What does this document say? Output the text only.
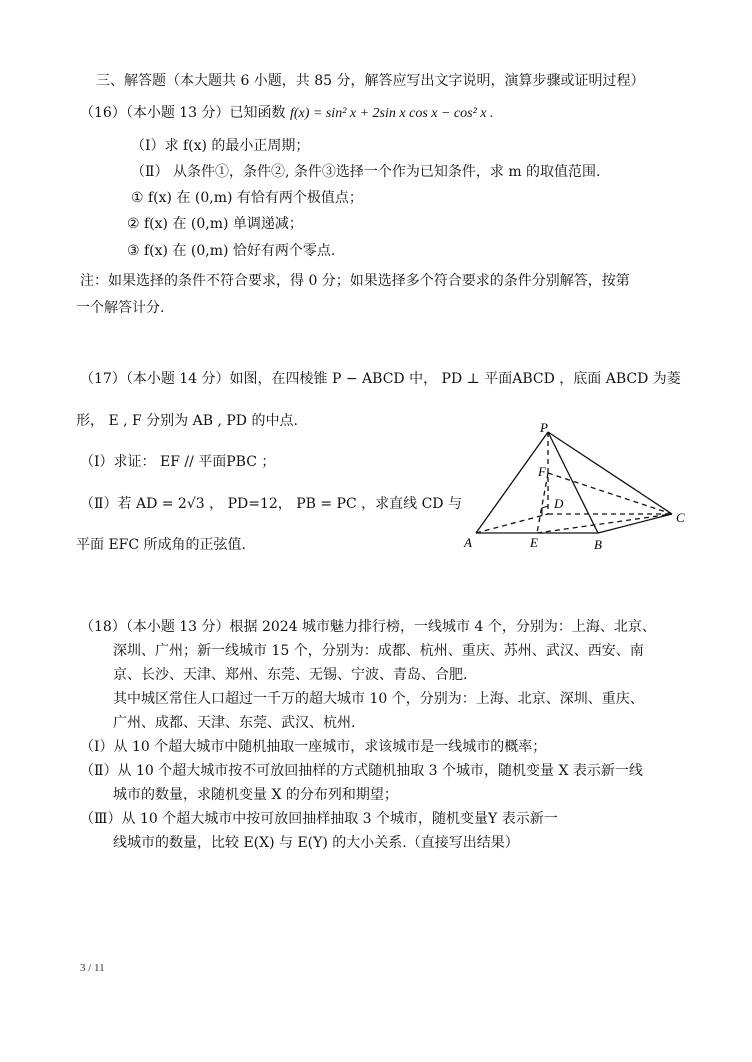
三、解答题（本大题共 6 小题，共 85 分，解答应写出文字说明，演算步骤或证明过程）
（16）（本小题 13 分）已知函数 f(x) = sin² x + 2sin x cos x − cos² x .
（Ⅰ）求 f(x) 的最小正周期；
（Ⅱ） 从条件①，条件②, 条件③选择一个作为已知条件，求 m 的取值范围.
① f(x) 在 (0,m) 有恰有两个极值点；
② f(x) 在 (0,m) 单调递减；
③ f(x) 在 (0,m) 恰好有两个零点.
注：如果选择的条件不符合要求，得 0 分；如果选择多个符合要求的条件分别解答，按第
一个解答计分.
（17）（本小题 14 分）如图，在四棱锥 P − ABCD 中， PD ⊥ 平面ABCD ，底面 ABCD 为菱
形， E , F 分别为 AB , PD 的中点.
（Ⅰ）求证： EF // 平面PBC ；
（Ⅱ）若 AD = 2√3 ， PD=12， PB = PC ，求直线 CD 与
平面 EFC 所成角的正弦值.
P
F
D
C
A	E	B
（18）（本小题 13 分）根据 2024 城市魅力排行榜，一线城市 4 个，分别为：上海、北京、
深圳、广州；新一线城市 15 个，分别为：成都、杭州、重庆、苏州、武汉、西安、南
京、长沙、天津、郑州、东莞、无锡、宁波、青岛、合肥.
其中城区常住人口超过一千万的超大城市 10 个，分别为：上海、北京、深圳、重庆、
广州、成都、天津、东莞、武汉、杭州.
（Ⅰ）从 10 个超大城市中随机抽取一座城市，求该城市是一线城市的概率；
（Ⅱ）从 10 个超大城市按不可放回抽样的方式随机抽取 3 个城市，随机变量 X 表示新一线
城市的数量，求随机变量 X 的分布列和期望；
（Ⅲ）从 10 个超大城市中按可放回抽样抽取 3 个城市，随机变量Y 表示新一
线城市的数量，比较 E(X) 与 E(Y) 的大小关系.（直接写出结果）
3 / 11
